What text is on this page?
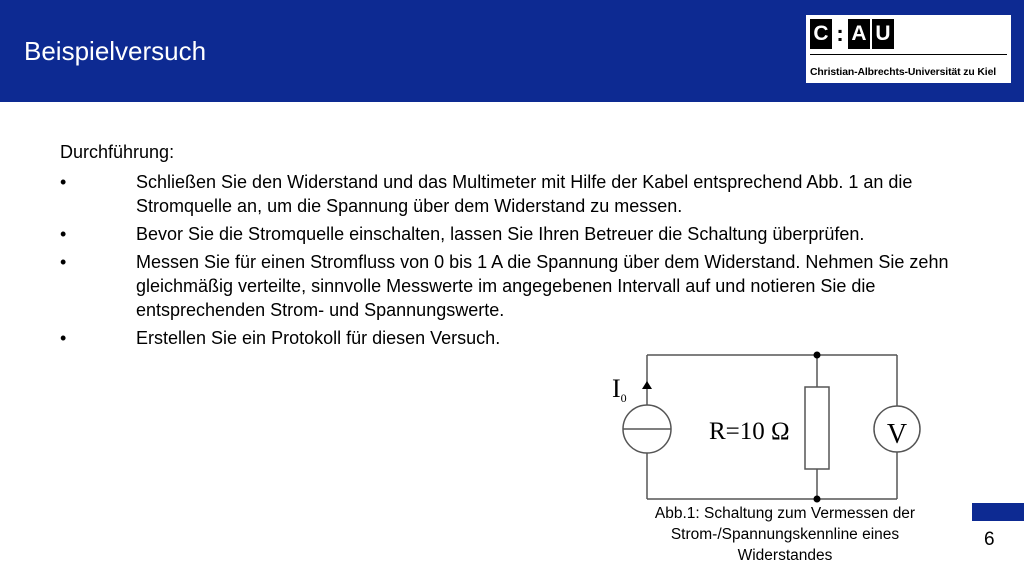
Beispielversuch
C : A U
Christian-Albrechts-Universität zu Kiel
Durchführung:
•	Schließen Sie den Widerstand und das Multimeter mit Hilfe der Kabel entsprechend Abb. 1 an die Stromquelle an, um die Spannung über dem Widerstand zu messen.
•	Bevor Sie die Stromquelle einschalten, lassen Sie Ihren Betreuer die Schaltung überprüfen.
•	Messen Sie für einen Stromfluss von 0 bis 1 A die Spannung über dem Widerstand. Nehmen Sie zehn gleichmäßig verteilte, sinnvolle Messwerte im angegebenen Intervall auf und notieren Sie die entsprechenden Strom- und Spannungswerte.
•	Erstellen Sie ein Protokoll für diesen Versuch.
I0
R=10 Ω	V
Abb.1: Schaltung zum Vermessen der Strom-/Spannungskennline eines Widerstandes
6
